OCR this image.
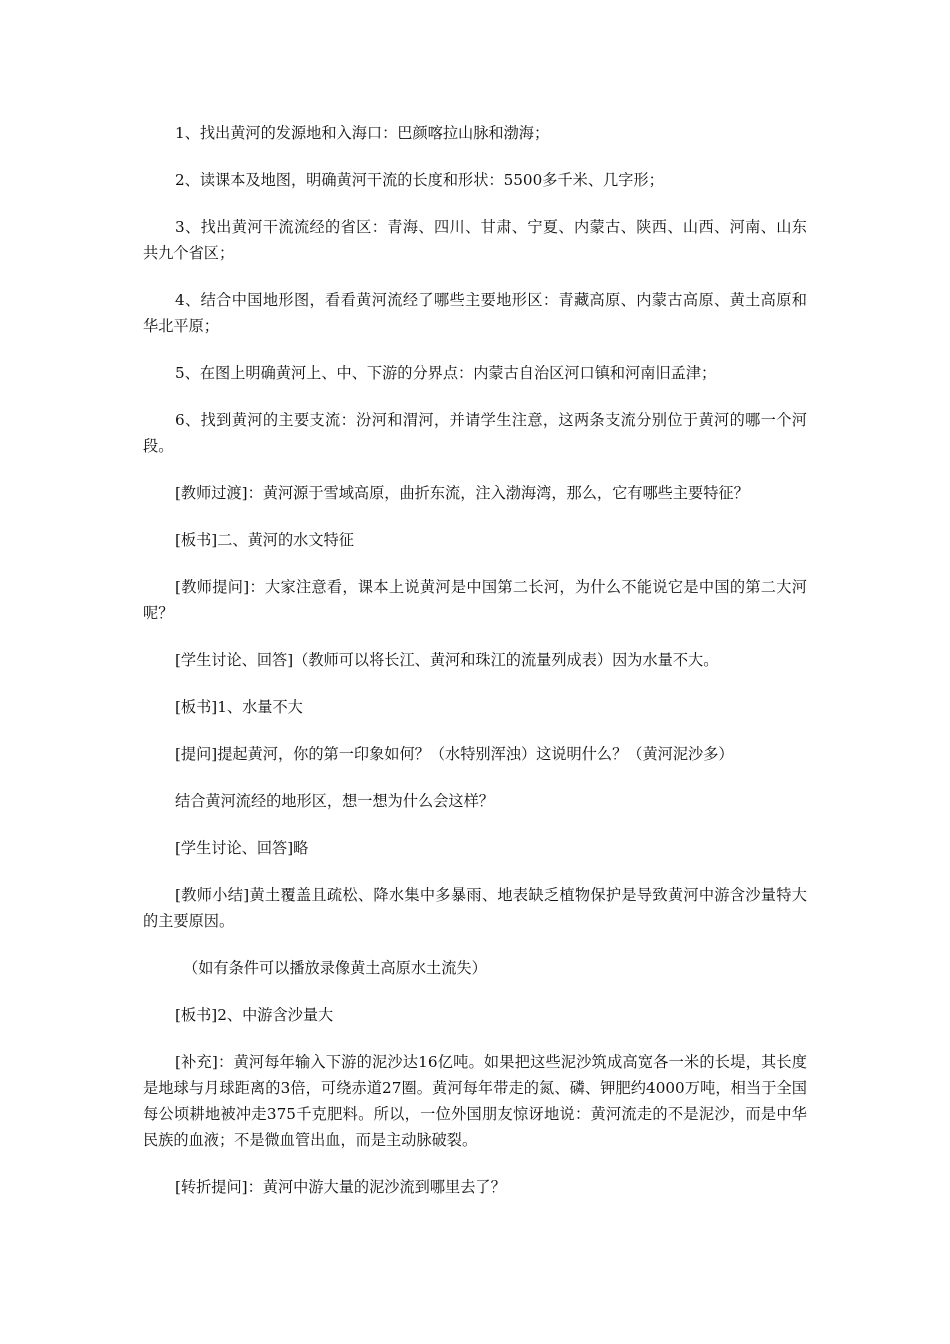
1、找出黄河的发源地和入海口：巴颜喀拉山脉和渤海；

2、读课本及地图，明确黄河干流的长度和形状：5500多千米、几字形；

3、找出黄河干流流经的省区：青海、四川、甘肃、宁夏、内蒙古、陕西、山西、河南、山东共九个省区；

4、结合中国地形图，看看黄河流经了哪些主要地形区：青藏高原、内蒙古高原、黄土高原和华北平原；

5、在图上明确黄河上、中、下游的分界点：内蒙古自治区河口镇和河南旧孟津；

6、找到黄河的主要支流：汾河和渭河，并请学生注意，这两条支流分别位于黄河的哪一个河段。

[教师过渡]：黄河源于雪域高原，曲折东流，注入渤海湾，那么，它有哪些主要特征？

[板书]二、黄河的水文特征

[教师提问]：大家注意看，课本上说黄河是中国第二长河，为什么不能说它是中国的第二大河呢？

[学生讨论、回答]（教师可以将长江、黄河和珠江的流量列成表）因为水量不大。

[板书]1、水量不大

[提问]提起黄河，你的第一印象如何？（水特别浑浊）这说明什么？（黄河泥沙多）

结合黄河流经的地形区，想一想为什么会这样？

[学生讨论、回答]略

[教师小结]黄土覆盖且疏松、降水集中多暴雨、地表缺乏植物保护是导致黄河中游含沙量特大的主要原因。

（如有条件可以播放录像黄土高原水土流失）

[板书]2、中游含沙量大

[补充]：黄河每年输入下游的泥沙达16亿吨。如果把这些泥沙筑成高宽各一米的长堤，其长度是地球与月球距离的3倍，可绕赤道27圈。黄河每年带走的氮、磷、钾肥约4000万吨，相当于全国每公顷耕地被冲走375千克肥料。所以，一位外国朋友惊讶地说：黄河流走的不是泥沙，而是中华民族的血液；不是微血管出血，而是主动脉破裂。

[转折提问]：黄河中游大量的泥沙流到哪里去了？
